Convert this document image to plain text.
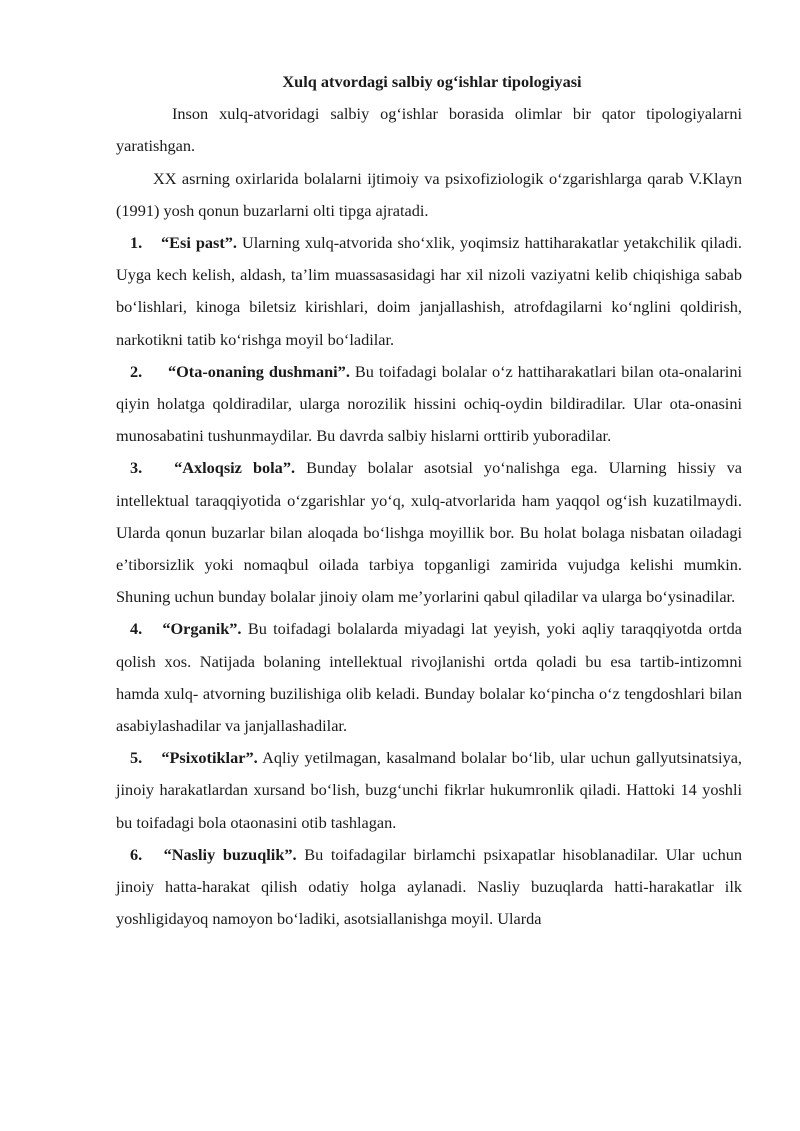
Xulq atvordagi salbiy og‘ishlar tipologiyasi

Inson xulq-atvoridagi salbiy og‘ishlar borasida olimlar bir qator tipologiyalarni yaratishgan.

XX asrning oxirlarida bolalarni ijtimoiy va psixofiziologik o‘zgarishlarga qarab V.Klayn (1991) yosh qonun buzarlarni olti tipga ajratadi.

1. “Esi past”. Ularning xulq-atvorida sho‘xlik, yoqimsiz hattiharakatlar yetakchilik qiladi. Uyga kech kelish, aldash, ta’lim muassasasidagi har xil nizoli vaziyatni kelib chiqishiga sabab bo‘lishlari, kinoga biletsiz kirishlari, doim janjallashish, atrofdagilarni ko‘nglini qoldirish, narkotikni tatib ko‘rishga moyil bo‘ladilar.

2. “Ota-onaning dushmani”. Bu toifadagi bolalar o‘z hattiharakatlari bilan ota-onalarini qiyin holatga qoldiradilar, ularga norozilik hissini ochiq-oydin bildiradilar. Ular ota-onasini munosabatini tushunmaydilar. Bu davrda salbiy hislarni orttirib yuboradilar.

3. “Axloqsiz bola”. Bunday bolalar asotsial yo‘nalishga ega. Ularning hissiy va intellektual taraqqiyotida o‘zgarishlar yo‘q, xulq-atvorlarida ham yaqqol og‘ish kuzatilmaydi. Ularda qonun buzarlar bilan aloqada bo‘lishga moyillik bor. Bu holat bolaga nisbatan oiladagi e’tiborsizlik yoki nomaqbul oilada tarbiya topganligi zamirida vujudga kelishi mumkin. Shuning uchun bunday bolalar jinoiy olam me’yorlarini qabul qiladilar va ularga bo‘ysinadilar.

4. “Organik”. Bu toifadagi bolalarda miyadagi lat yeyish, yoki aqliy taraqqiyotda ortda qolish xos. Natijada bolaning intellektual rivojlanishi ortda qoladi bu esa tartib-intizomni hamda xulq- atvorning buzilishiga olib keladi. Bunday bolalar ko‘pincha o‘z tengdoshlari bilan asabiylashadilar va janjallashadilar.

5. “Psixotiklar”. Aqliy yetilmagan, kasalmand bolalar bo‘lib, ular uchun gallyutsinatsiya, jinoiy harakatlardan xursand bo‘lish, buzg‘unchi fikrlar hukumronlik qiladi. Hattoki 14 yoshli bu toifadagi bola otaonasini otib tashlagan.

6. “Nasliy buzuqlik”. Bu toifadagilar birlamchi psixapatlar hisoblanadilar. Ular uchun jinoiy hatta-harakat qilish odatiy holga aylanadi. Nasliy buzuqlarda hatti-harakatlar ilk yoshligidayoq namoyon bo‘ladiki, asotsiallanishga moyil. Ularda
